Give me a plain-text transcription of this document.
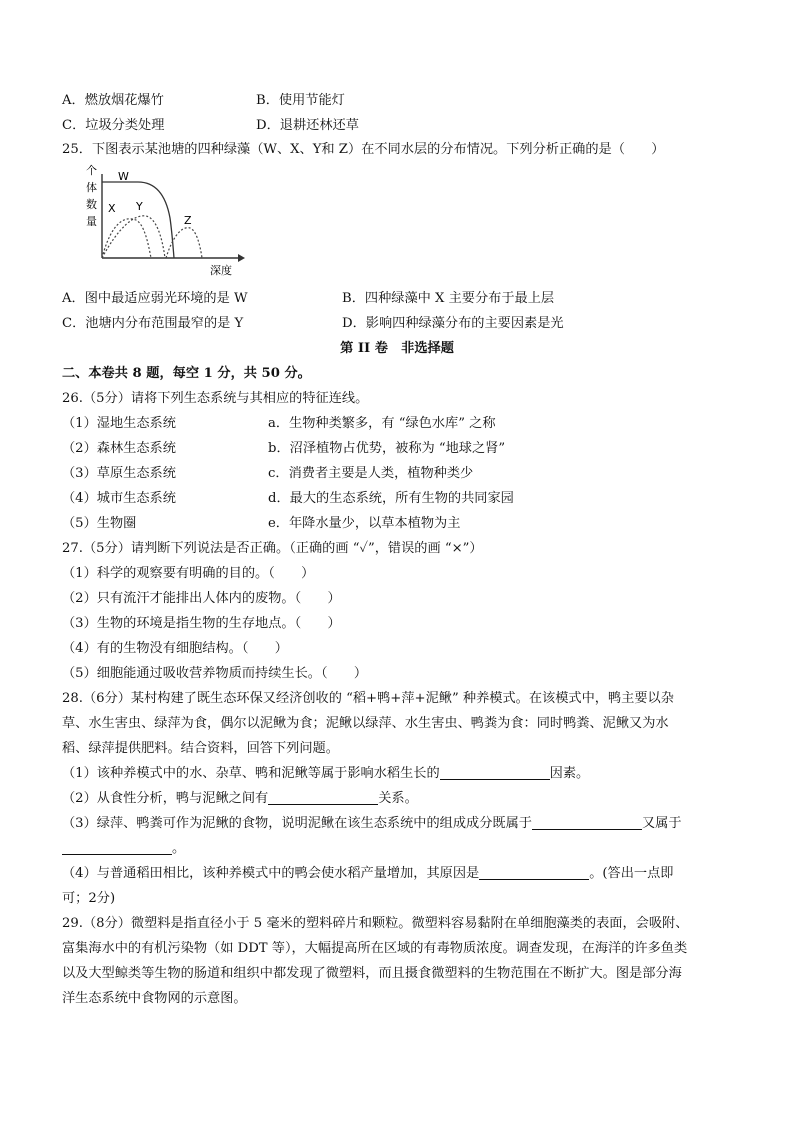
A．燃放烟花爆竹	B．使用节能灯
C．垃圾分类处理	D．退耕还林还草
25．下图表示某池塘的四种绿藻（W、X、Y和 Z）在不同水层的分布情况。下列分析正确的是（　　）
个
体
数
量
深度
W
X Y
Z
A．图中最适应弱光环境的是 W	B．四种绿藻中 X 主要分布于最上层
C．池塘内分布范围最窄的是 Y	D．影响四种绿藻分布的主要因素是光
第 II 卷　非选择题
二、本卷共 8 题，每空 1 分，共 50 分。
26.（5分）请将下列生态系统与其相应的特征连线。
（1）湿地生态系统	a．生物种类繁多，有 “绿色水库” 之称
（2）森林生态系统	b．沼泽植物占优势，被称为 “地球之肾”
（3）草原生态系统	c．消费者主要是人类，植物种类少
（4）城市生态系统	d．最大的生态系统，所有生物的共同家园
（5）生物圈	e．年降水量少，以草本植物为主
27.（5分）请判断下列说法是否正确。（正确的画 “✓”，错误的画 “×”）
（1）科学的观察要有明确的目的。（　　）
（2）只有流汗才能排出人体内的废物。（　　）
（3）生物的环境是指生物的生存地点。（　　）
（4）有的生物没有细胞结构。（　　）
（5）细胞能通过吸收营养物质而持续生长。（　　）
28.（6分）某村构建了既生态环保又经济创收的 “稻+鸭+萍+泥鳅” 种养模式。在该模式中，鸭主要以杂
草、水生害虫、绿萍为食，偶尔以泥鳅为食；泥鳅以绿萍、水生害虫、鸭粪为食：同时鸭粪、泥鳅又为水
稻、绿萍提供肥料。结合资料，回答下列问题。
（1）该种养模式中的水、杂草、鸭和泥鳅等属于影响水稻生长的	因素。
（2）从食性分析，鸭与泥鳅之间有	关系。
（3）绿萍、鸭粪可作为泥鳅的食物，说明泥鳅在该生态系统中的组成成分既属于	又属于
。
（4）与普通稻田相比，该种养模式中的鸭会使水稻产量增加，其原因是	。(答出一点即
可；2分)
29.（8分）微塑料是指直径小于 5 毫米的塑料碎片和颗粒。微塑料容易黏附在单细胞藻类的表面，会吸附、
富集海水中的有机污染物（如 DDT 等），大幅提高所在区域的有毒物质浓度。调查发现，在海洋的许多鱼类
以及大型鲸类等生物的肠道和组织中都发现了微塑料，而且摄食微塑料的生物范围在不断扩大。图是部分海
洋生态系统中食物网的示意图。
